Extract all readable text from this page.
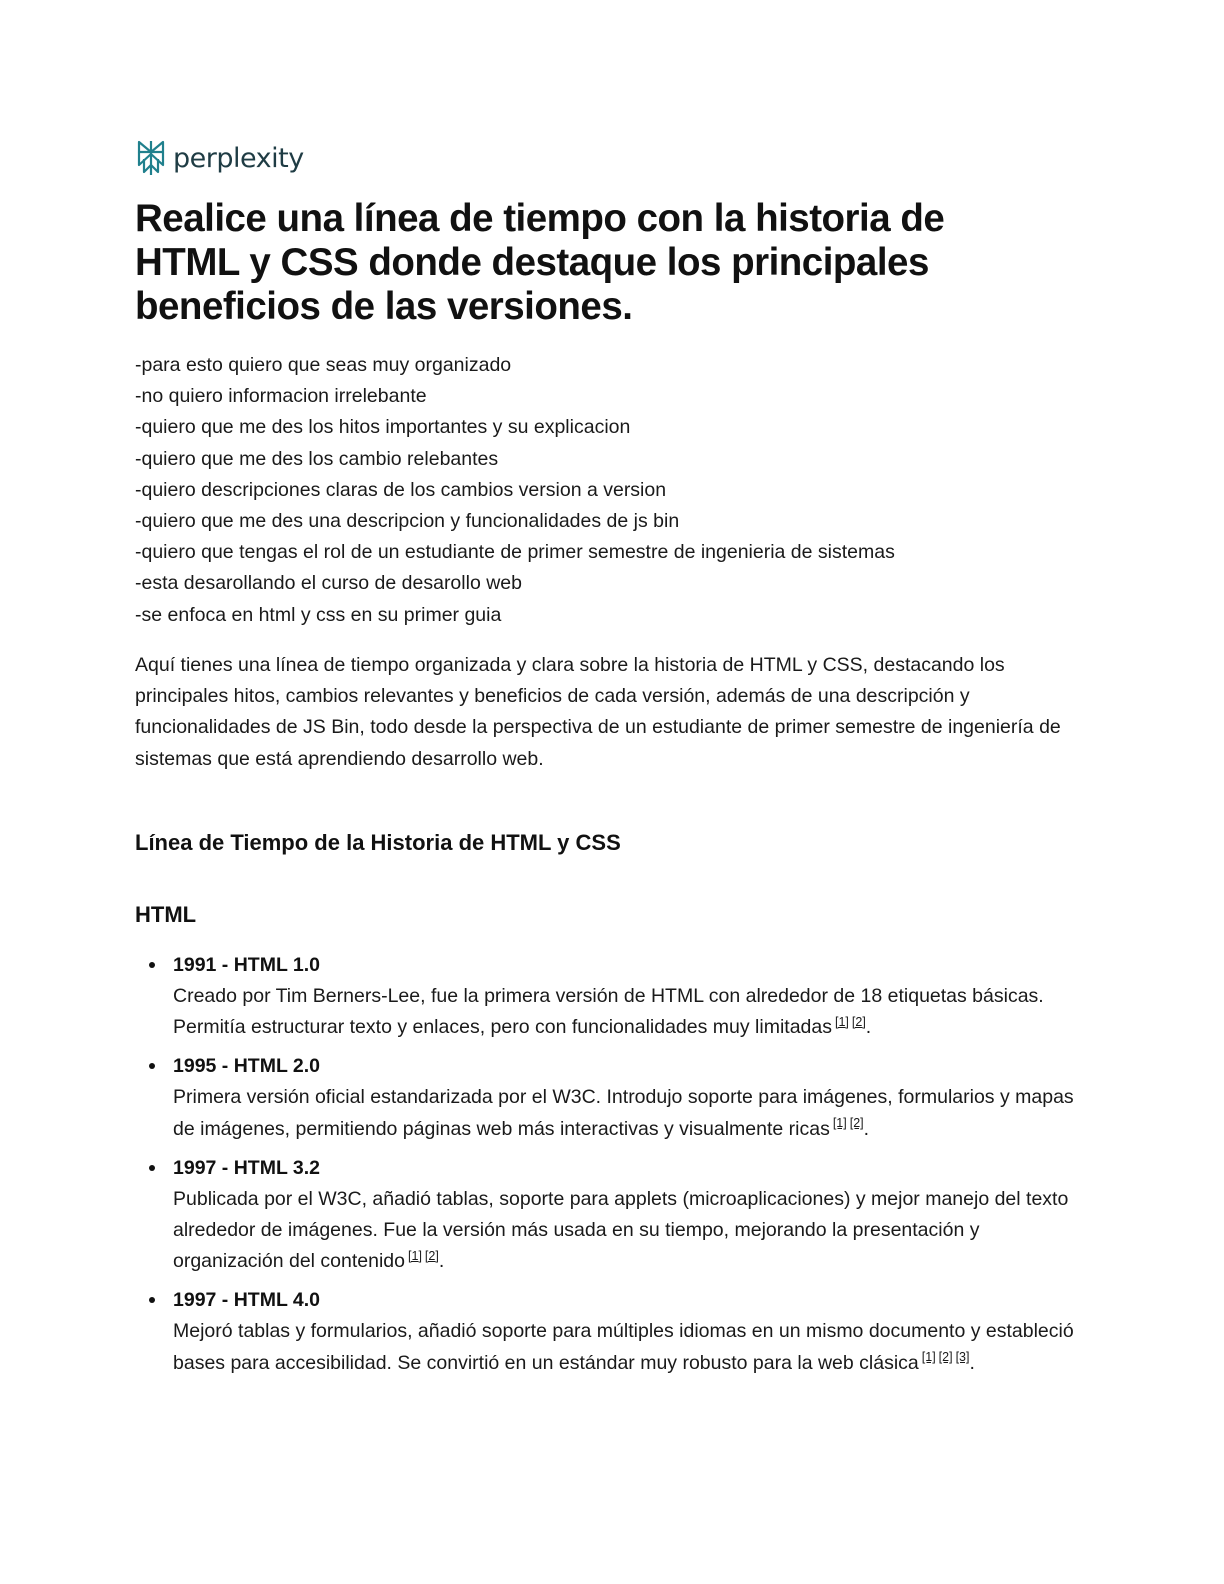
perplexity
Realice una línea de tiempo con la historia de HTML y CSS donde destaque los principales beneficios de las versiones.
-para esto quiero que seas muy organizado
-no quiero informacion irrelebante
-quiero que me des los hitos importantes y su explicacion
-quiero que me des los cambio relebantes
-quiero descripciones claras de los cambios version a version
-quiero que me des una descripcion y funcionalidades de js bin
-quiero que tengas el rol de un estudiante de primer semestre de ingenieria de sistemas
-esta desarollando el curso de desarollo web
-se enfoca en html y css en su primer guia
Aquí tienes una línea de tiempo organizada y clara sobre la historia de HTML y CSS, destacando los principales hitos, cambios relevantes y beneficios de cada versión, además de una descripción y funcionalidades de JS Bin, todo desde la perspectiva de un estudiante de primer semestre de ingeniería de sistemas que está aprendiendo desarrollo web.
Línea de Tiempo de la Historia de HTML y CSS
HTML
1991 - HTML 1.0
Creado por Tim Berners-Lee, fue la primera versión de HTML con alrededor de 18 etiquetas básicas. Permitía estructurar texto y enlaces, pero con funcionalidades muy limitadas [1] [2].
1995 - HTML 2.0
Primera versión oficial estandarizada por el W3C. Introdujo soporte para imágenes, formularios y mapas de imágenes, permitiendo páginas web más interactivas y visualmente ricas [1] [2].
1997 - HTML 3.2
Publicada por el W3C, añadió tablas, soporte para applets (microaplicaciones) y mejor manejo del texto alrededor de imágenes. Fue la versión más usada en su tiempo, mejorando la presentación y organización del contenido [1] [2].
1997 - HTML 4.0
Mejoró tablas y formularios, añadió soporte para múltiples idiomas en un mismo documento y estableció bases para accesibilidad. Se convirtió en un estándar muy robusto para la web clásica [1] [2] [3].
